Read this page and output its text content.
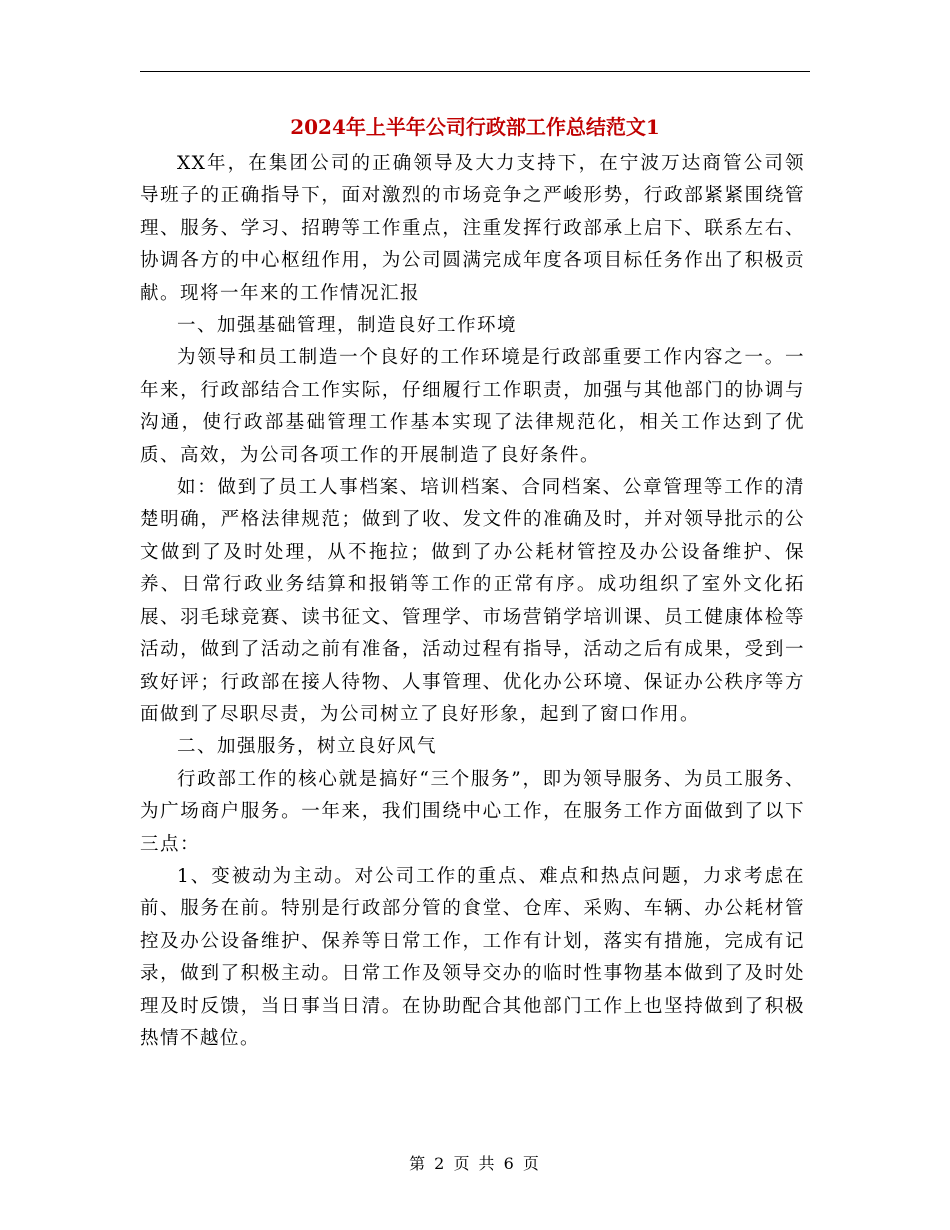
2024年上半年公司行政部工作总结范文1

XX年，在集团公司的正确领导及大力支持下，在宁波万达商管公司领导班子的正确指导下，面对激烈的市场竞争之严峻形势，行政部紧紧围绕管理、服务、学习、招聘等工作重点，注重发挥行政部承上启下、联系左右、协调各方的中心枢纽作用，为公司圆满完成年度各项目标任务作出了积极贡献。现将一年来的工作情况汇报

一、加强基础管理，制造良好工作环境

为领导和员工制造一个良好的工作环境是行政部重要工作内容之一。一年来，行政部结合工作实际，仔细履行工作职责，加强与其他部门的协调与沟通，使行政部基础管理工作基本实现了法律规范化，相关工作达到了优质、高效，为公司各项工作的开展制造了良好条件。

如：做到了员工人事档案、培训档案、合同档案、公章管理等工作的清楚明确，严格法律规范；做到了收、发文件的准确及时，并对领导批示的公文做到了及时处理，从不拖拉；做到了办公耗材管控及办公设备维护、保养、日常行政业务结算和报销等工作的正常有序。成功组织了室外文化拓展、羽毛球竞赛、读书征文、管理学、市场营销学培训课、员工健康体检等活动，做到了活动之前有准备，活动过程有指导，活动之后有成果，受到一致好评；行政部在接人待物、人事管理、优化办公环境、保证办公秩序等方面做到了尽职尽责，为公司树立了良好形象，起到了窗口作用。

二、加强服务，树立良好风气

行政部工作的核心就是搞好“三个服务”，即为领导服务、为员工服务、为广场商户服务。一年来，我们围绕中心工作，在服务工作方面做到了以下三点：

1、变被动为主动。对公司工作的重点、难点和热点问题，力求考虑在前、服务在前。特别是行政部分管的食堂、仓库、采购、车辆、办公耗材管控及办公设备维护、保养等日常工作，工作有计划，落实有措施，完成有记录，做到了积极主动。日常工作及领导交办的临时性事物基本做到了及时处理及时反馈，当日事当日清。在协助配合其他部门工作上也坚持做到了积极热情不越位。

第 2 页 共 6 页
